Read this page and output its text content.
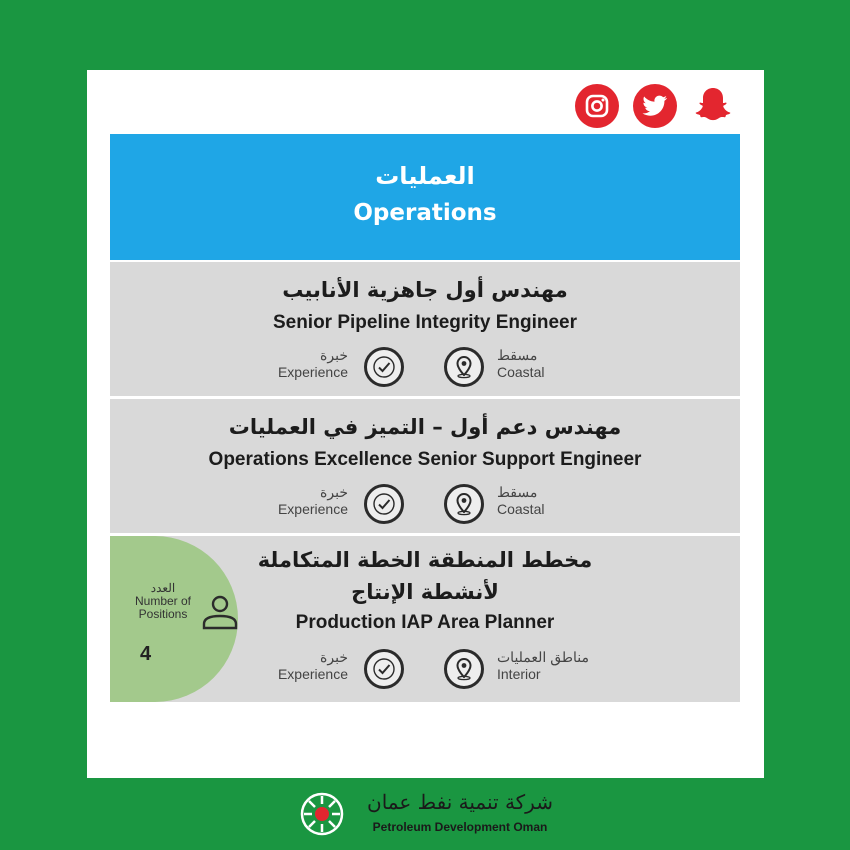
العمليات
Operations
مهندس أول جاهزية الأنابيب
Senior Pipeline Integrity Engineer
خبرة
Experience
مسقط
Coastal
مهندس دعم أول – التميز في العمليات
Operations Excellence Senior Support Engineer
خبرة
Experience
مسقط
Coastal
العدد
Number of
Positions
4
مخطط المنطقة الخطة المتكاملة
لأنشطة الإنتاج
Production IAP Area Planner
خبرة
Experience
مناطق العمليات
Interior
شركة تنمية نفط عمان
Petroleum Development Oman
